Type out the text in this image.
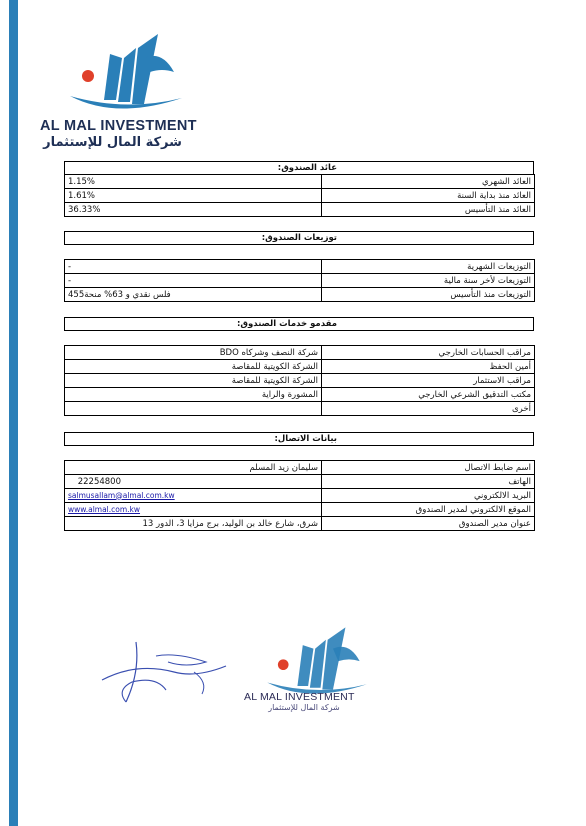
AL MAL INVESTMENT
شركة المال للإستثمار
عائد الصندوق:
العائد الشهري	1.15%
العائد منذ بداية السنة	1.61%
العائد منذ التأسيس	36.33%
توزيعات الصندوق:
التوزيعات الشهرية	-
التوزيعات لأخر سنة مالية	-
التوزيعات منذ التأسيس	455فلس نقدي و 63% منحة
مقدمو خدمات الصندوق:
مراقب الحسابات الخارجي	شركة النصف وشركاه BDO
أمين الحفظ	الشركة الكويتية للمقاصة
مراقب الاستثمار	الشركة الكويتية للمقاصة
مكتب التدقيق الشرعي الخارجي	المشورة والراية
أخرى	
بيانات الاتصال:
اسم ضابط الاتصال	سليمان زيد المسلم
الهاتف	22254800
البريد الالكتروني	salmusallam@almal.com.kw
الموقع الالكتروني لمدير الصندوق	www.almal.com.kw
عنوان مدير الصندوق	شرق، شارع خالد بن الوليد، برج مزايا 3، الدور 13
AL MAL INVESTMENT
شركة المال للإستثمار
